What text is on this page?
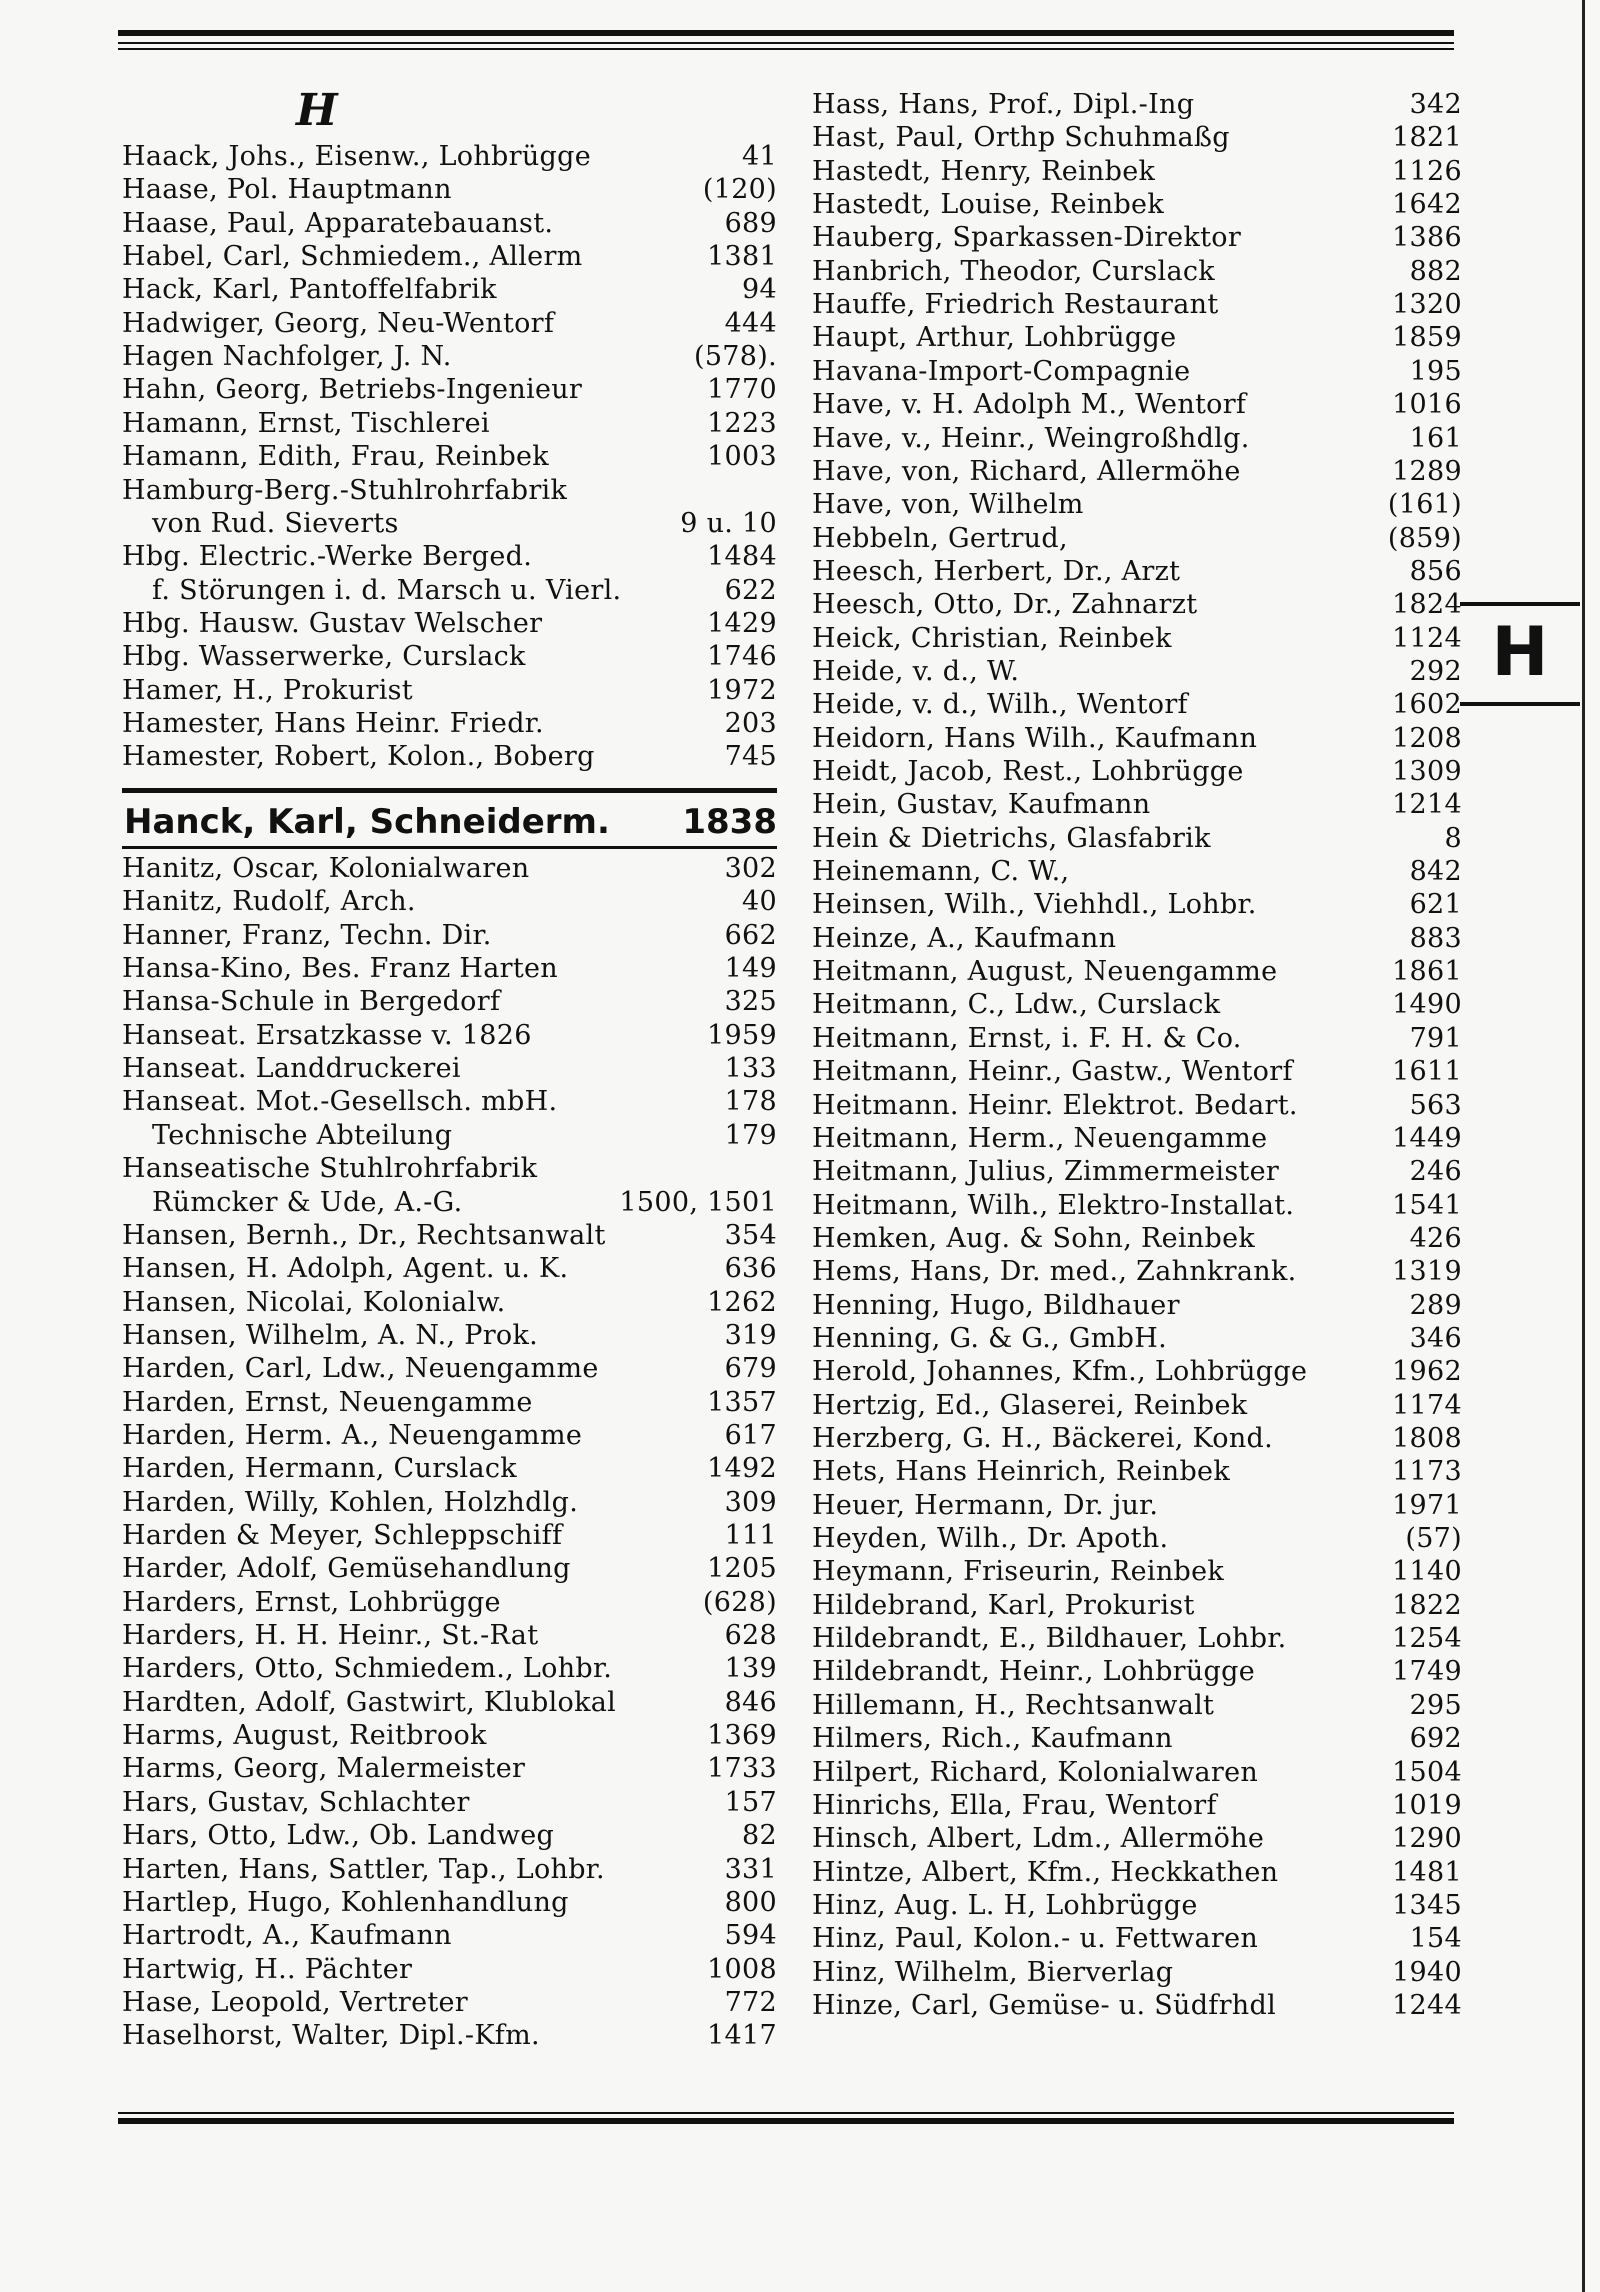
H
H
Haack, Johs., Eisenw., Lohbrügge	41
Haase, Pol. Hauptmann	(120)
Haase, Paul, Apparatebauanst.	689
Habel, Carl, Schmiedem., Allerm	1381
Hack, Karl, Pantoffelfabrik	94
Hadwiger, Georg, Neu-Wentorf	444
Hagen Nachfolger, J. N.	(578).
Hahn, Georg, Betriebs-Ingenieur	1770
Hamann, Ernst, Tischlerei	1223
Hamann, Edith, Frau, Reinbek	1003
Hamburg-Berg.-Stuhlrohrfabrik
von Rud. Sieverts	9 u. 10
Hbg. Electric.-Werke Berged.	1484
f. Störungen i. d. Marsch u. Vierl.	622
Hbg. Hausw. Gustav Welscher	1429
Hbg. Wasserwerke, Curslack	1746
Hamer, H., Prokurist	1972
Hamester, Hans Heinr. Friedr.	203
Hamester, Robert, Kolon., Boberg	745
Hanck, Karl, Schneiderm. 1838
Hanitz, Oscar, Kolonialwaren	302
Hanitz, Rudolf, Arch.	40
Hanner, Franz, Techn. Dir.	662
Hansa-Kino, Bes. Franz Harten	149
Hansa-Schule in Bergedorf	325
Hanseat. Ersatzkasse v. 1826	1959
Hanseat. Landdruckerei	133
Hanseat. Mot.-Gesellsch. mbH.	178
Technische Abteilung	179
Hanseatische Stuhlrohrfabrik
Rümcker & Ude, A.-G.	1500, 1501
Hansen, Bernh., Dr., Rechtsanwalt	354
Hansen, H. Adolph, Agent. u. K.	636
Hansen, Nicolai, Kolonialw.	1262
Hansen, Wilhelm, A. N., Prok.	319
Harden, Carl, Ldw., Neuengamme	679
Harden, Ernst, Neuengamme	1357
Harden, Herm. A., Neuengamme	617
Harden, Hermann, Curslack	1492
Harden, Willy, Kohlen, Holzhdlg.	309
Harden & Meyer, Schleppschiff	111
Harder, Adolf, Gemüsehandlung	1205
Harders, Ernst, Lohbrügge	(628)
Harders, H. H. Heinr., St.-Rat	628
Harders, Otto, Schmiedem., Lohbr.	139
Hardten, Adolf, Gastwirt, Klublokal	846
Harms, August, Reitbrook	1369
Harms, Georg, Malermeister	1733
Hars, Gustav, Schlachter	157
Hars, Otto, Ldw., Ob. Landweg	82
Harten, Hans, Sattler, Tap., Lohbr.	331
Hartlep, Hugo, Kohlenhandlung	800
Hartrodt, A., Kaufmann	594
Hartwig, H.. Pächter	1008
Hase, Leopold, Vertreter	772
Haselhorst, Walter, Dipl.-Kfm.	1417
Hass, Hans, Prof., Dipl.-Ing	342
Hast, Paul, Orthp Schuhmaßg	1821
Hastedt, Henry, Reinbek	1126
Hastedt, Louise, Reinbek	1642
Hauberg, Sparkassen-Direktor	1386
Hanbrich, Theodor, Curslack	882
Hauffe, Friedrich Restaurant	1320
Haupt, Arthur, Lohbrügge	1859
Havana-Import-Compagnie	195
Have, v. H. Adolph M., Wentorf	1016
Have, v., Heinr., Weingroßhdlg.	161
Have, von, Richard, Allermöhe	1289
Have, von, Wilhelm	(161)
Hebbeln, Gertrud,	(859)
Heesch, Herbert, Dr., Arzt	856
Heesch, Otto, Dr., Zahnarzt	1824
Heick, Christian, Reinbek	1124
Heide, v. d., W.	292
Heide, v. d., Wilh., Wentorf	1602
Heidorn, Hans Wilh., Kaufmann	1208
Heidt, Jacob, Rest., Lohbrügge	1309
Hein, Gustav, Kaufmann	1214
Hein & Dietrichs, Glasfabrik	8
Heinemann, C. W.,	842
Heinsen, Wilh., Viehhdl., Lohbr.	621
Heinze, A., Kaufmann	883
Heitmann, August, Neuengamme	1861
Heitmann, C., Ldw., Curslack	1490
Heitmann, Ernst, i. F. H. & Co.	791
Heitmann, Heinr., Gastw., Wentorf	1611
Heitmann. Heinr. Elektrot. Bedart.	563
Heitmann, Herm., Neuengamme	1449
Heitmann, Julius, Zimmermeister	246
Heitmann, Wilh., Elektro-Installat.	1541
Hemken, Aug. & Sohn, Reinbek	426
Hems, Hans, Dr. med., Zahnkrank.	1319
Henning, Hugo, Bildhauer	289
Henning, G. & G., GmbH.	346
Herold, Johannes, Kfm., Lohbrügge	1962
Hertzig, Ed., Glaserei, Reinbek	1174
Herzberg, G. H., Bäckerei, Kond.	1808
Hets, Hans Heinrich, Reinbek	1173
Heuer, Hermann, Dr. jur.	1971
Heyden, Wilh., Dr. Apoth.	(57)
Heymann, Friseurin, Reinbek	1140
Hildebrand, Karl, Prokurist	1822
Hildebrandt, E., Bildhauer, Lohbr.	1254
Hildebrandt, Heinr., Lohbrügge	1749
Hillemann, H., Rechtsanwalt	295
Hilmers, Rich., Kaufmann	692
Hilpert, Richard, Kolonialwaren	1504
Hinrichs, Ella, Frau, Wentorf	1019
Hinsch, Albert, Ldm., Allermöhe	1290
Hintze, Albert, Kfm., Heckkathen	1481
Hinz, Aug. L. H, Lohbrügge	1345
Hinz, Paul, Kolon.- u. Fettwaren	154
Hinz, Wilhelm, Bierverlag	1940
Hinze, Carl, Gemüse- u. Südfrhdl	1244
